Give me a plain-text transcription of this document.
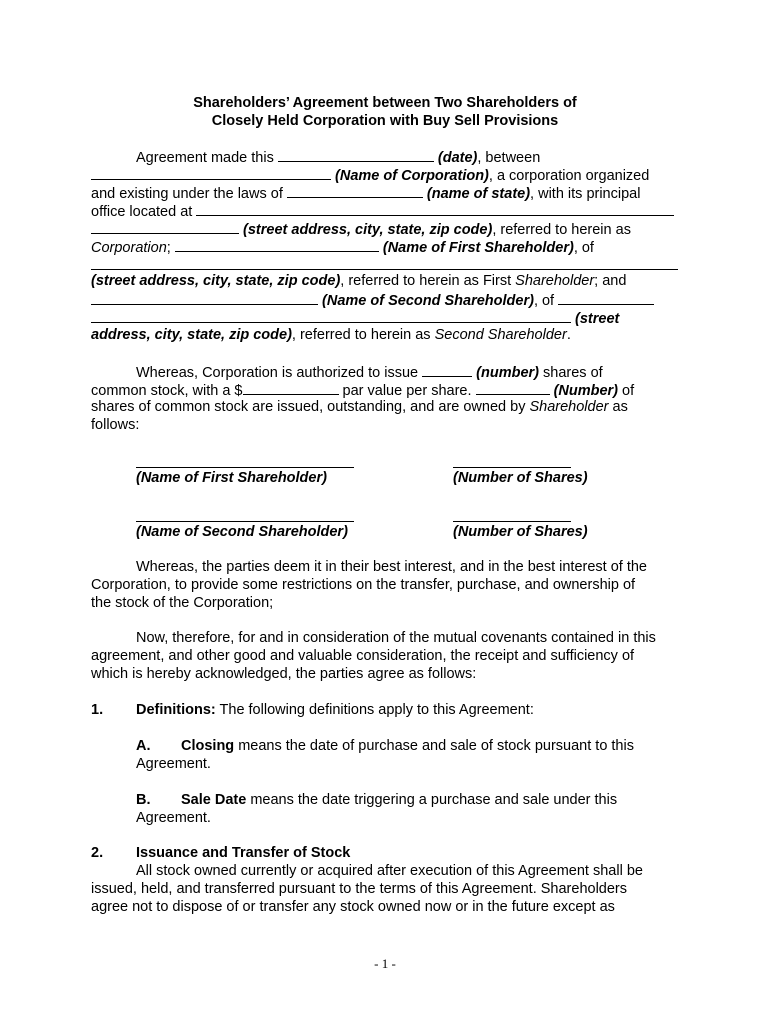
Shareholders’ Agreement between Two Shareholders of
Closely Held Corporation with Buy Sell Provisions
Agreement made this	(date), between
(Name of Corporation), a corporation organized
and existing under the laws of	(name of state), with its principal
office located at
(street address, city, state, zip code), referred to herein as
Corporation;	(Name of First Shareholder), of
(street address, city, state, zip code), referred to herein as First Shareholder; and
(Name of Second Shareholder), of
(street
address, city, state, zip code), referred to herein as Second Shareholder.
Whereas, Corporation is authorized to issue	(number) shares of
common stock, with a $	par value per share.	(Number) of
shares of common stock are issued, outstanding, and are owned by Shareholder as
follows:
(Name of First Shareholder)	(Number of Shares)
(Name of Second Shareholder)	(Number of Shares)
Whereas, the parties deem it in their best interest, and in the best interest of the
Corporation, to provide some restrictions on the transfer, purchase, and ownership of
the stock of the Corporation;
Now, therefore, for and in consideration of the mutual covenants contained in this
agreement, and other good and valuable consideration, the receipt and sufficiency of
which is hereby acknowledged, the parties agree as follows:
1. Definitions: The following definitions apply to this Agreement:
A. Closing means the date of purchase and sale of stock pursuant to this
Agreement.
B. Sale Date means the date triggering a purchase and sale under this
Agreement.
2. Issuance and Transfer of Stock
All stock owned currently or acquired after execution of this Agreement shall be
issued, held, and transferred pursuant to the terms of this Agreement. Shareholders
agree not to dispose of or transfer any stock owned now or in the future except as
- 1 -
